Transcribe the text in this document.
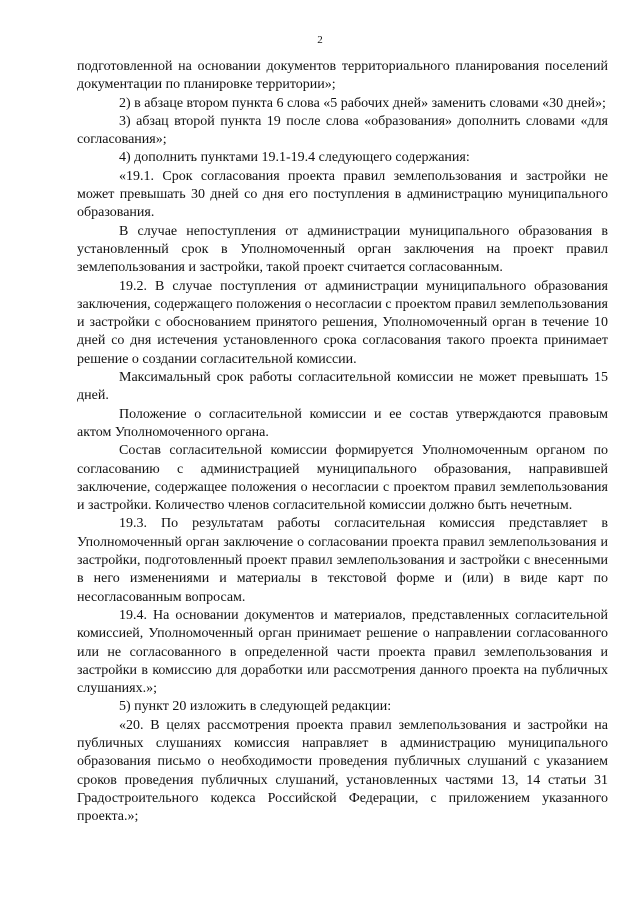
2

подготовленной на основании документов территориального планирования поселений документации по планировке территории»;

2) в абзаце втором пункта 6 слова «5 рабочих дней» заменить словами «30 дней»;

3) абзац второй пункта 19 после слова «образования» дополнить словами «для согласования»;

4) дополнить пунктами 19.1-19.4 следующего содержания:

«19.1. Срок согласования проекта правил землепользования и застройки не может превышать 30 дней со дня его поступления в администрацию муниципального образования.

В случае непоступления от администрации муниципального образования в установленный срок в Уполномоченный орган заключения на проект правил землепользования и застройки, такой проект считается согласованным.

19.2. В случае поступления от администрации муниципального образования заключения, содержащего положения о несогласии с проектом правил землепользования и застройки с обоснованием принятого решения, Уполномоченный орган в течение 10 дней со дня истечения установленного срока согласования такого проекта принимает решение о создании согласительной комиссии.

Максимальный срок работы согласительной комиссии не может превышать 15 дней.

Положение о согласительной комиссии и ее состав утверждаются правовым актом Уполномоченного органа.

Состав согласительной комиссии формируется Уполномоченным органом по согласованию с администрацией муниципального образования, направившей заключение, содержащее положения о несогласии с проектом правил землепользования и застройки. Количество членов согласительной комиссии должно быть нечетным.

19.3. По результатам работы согласительная комиссия представляет в Уполномоченный орган заключение о согласовании проекта правил землепользования и застройки, подготовленный проект правил землепользования и застройки с внесенными в него изменениями и материалы в текстовой форме и (или) в виде карт по несогласованным вопросам.

19.4. На основании документов и материалов, представленных согласительной комиссией, Уполномоченный орган принимает решение о направлении согласованного или не согласованного в определенной части проекта правил землепользования и застройки в комиссию для доработки или рассмотрения данного проекта на публичных слушаниях.»;

5) пункт 20 изложить в следующей редакции:

«20. В целях рассмотрения проекта правил землепользования и застройки на публичных слушаниях комиссия направляет в администрацию муниципального образования письмо о необходимости проведения публичных слушаний с указанием сроков проведения публичных слушаний, установленных частями 13, 14 статьи 31 Градостроительного кодекса Российской Федерации, с приложением указанного проекта.»;
